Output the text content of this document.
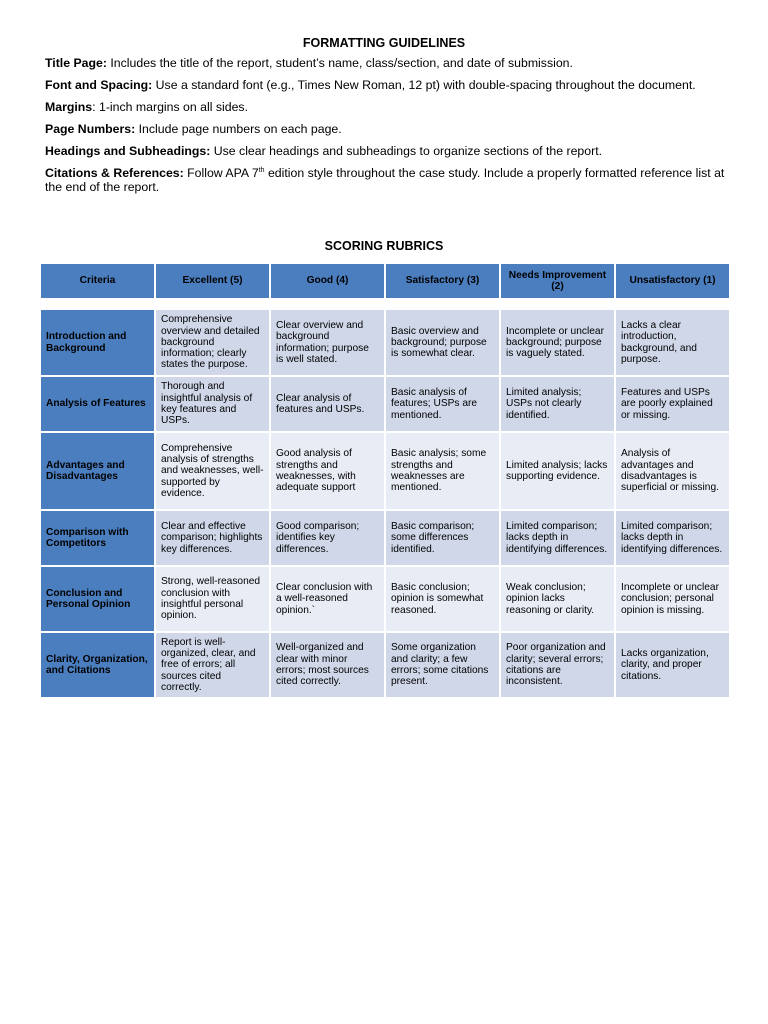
FORMATTING GUIDELINES

Title Page: Includes the title of the report, student’s name, class/section, and date of submission.

Font and Spacing: Use a standard font (e.g., Times New Roman, 12 pt) with double-spacing throughout the document.

Margins: 1-inch margins on all sides.

Page Numbers: Include page numbers on each page.

Headings and Subheadings: Use clear headings and subheadings to organize sections of the report.

Citations & References: Follow APA 7th edition style throughout the case study. Include a properly formatted reference list at the end of the report.

SCORING RUBRICS
Criteria	Excellent (5)	Good (4)	Satisfactory (3)	Needs Improvement (2)	Unsatisfactory (1)

Introduction and Background	Comprehensive overview and detailed background information; clearly states the purpose.	Clear overview and background information; purpose is well stated.	Basic overview and background; purpose is somewhat clear.	Incomplete or unclear background; purpose is vaguely stated.	Lacks a clear introduction, background, and purpose.
Analysis of Features	Thorough and insightful analysis of key features and USPs.	Clear analysis of features and USPs.	Basic analysis of features; USPs are mentioned.	Limited analysis; USPs not clearly identified.	Features and USPs are poorly explained or missing.
Advantages and Disadvantages	Comprehensive analysis of strengths and weaknesses, well-supported by evidence.	Good analysis of strengths and weaknesses, with adequate support	Basic analysis; some strengths and weaknesses are mentioned.	Limited analysis; lacks supporting evidence.	Analysis of advantages and disadvantages is superficial or missing.
Comparison with Competitors	Clear and effective comparison; highlights key differences.	Good comparison; identifies key differences.	Basic comparison; some differences identified.	Limited comparison; lacks depth in identifying differences.	Limited comparison; lacks depth in identifying differences.
Conclusion and Personal Opinion	Strong, well-reasoned conclusion with insightful personal opinion.	Clear conclusion with a well-reasoned opinion.`	Basic conclusion; opinion is somewhat reasoned.	Weak conclusion; opinion lacks reasoning or clarity.	Incomplete or unclear conclusion; personal opinion is missing.
Clarity, Organization, and Citations	Report is well-organized, clear, and free of errors; all sources cited correctly.	Well-organized and clear with minor errors; most sources cited correctly.	Some organization and clarity; a few errors; some citations present.	Poor organization and clarity; several errors; citations are inconsistent.	Lacks organization, clarity, and proper citations.
